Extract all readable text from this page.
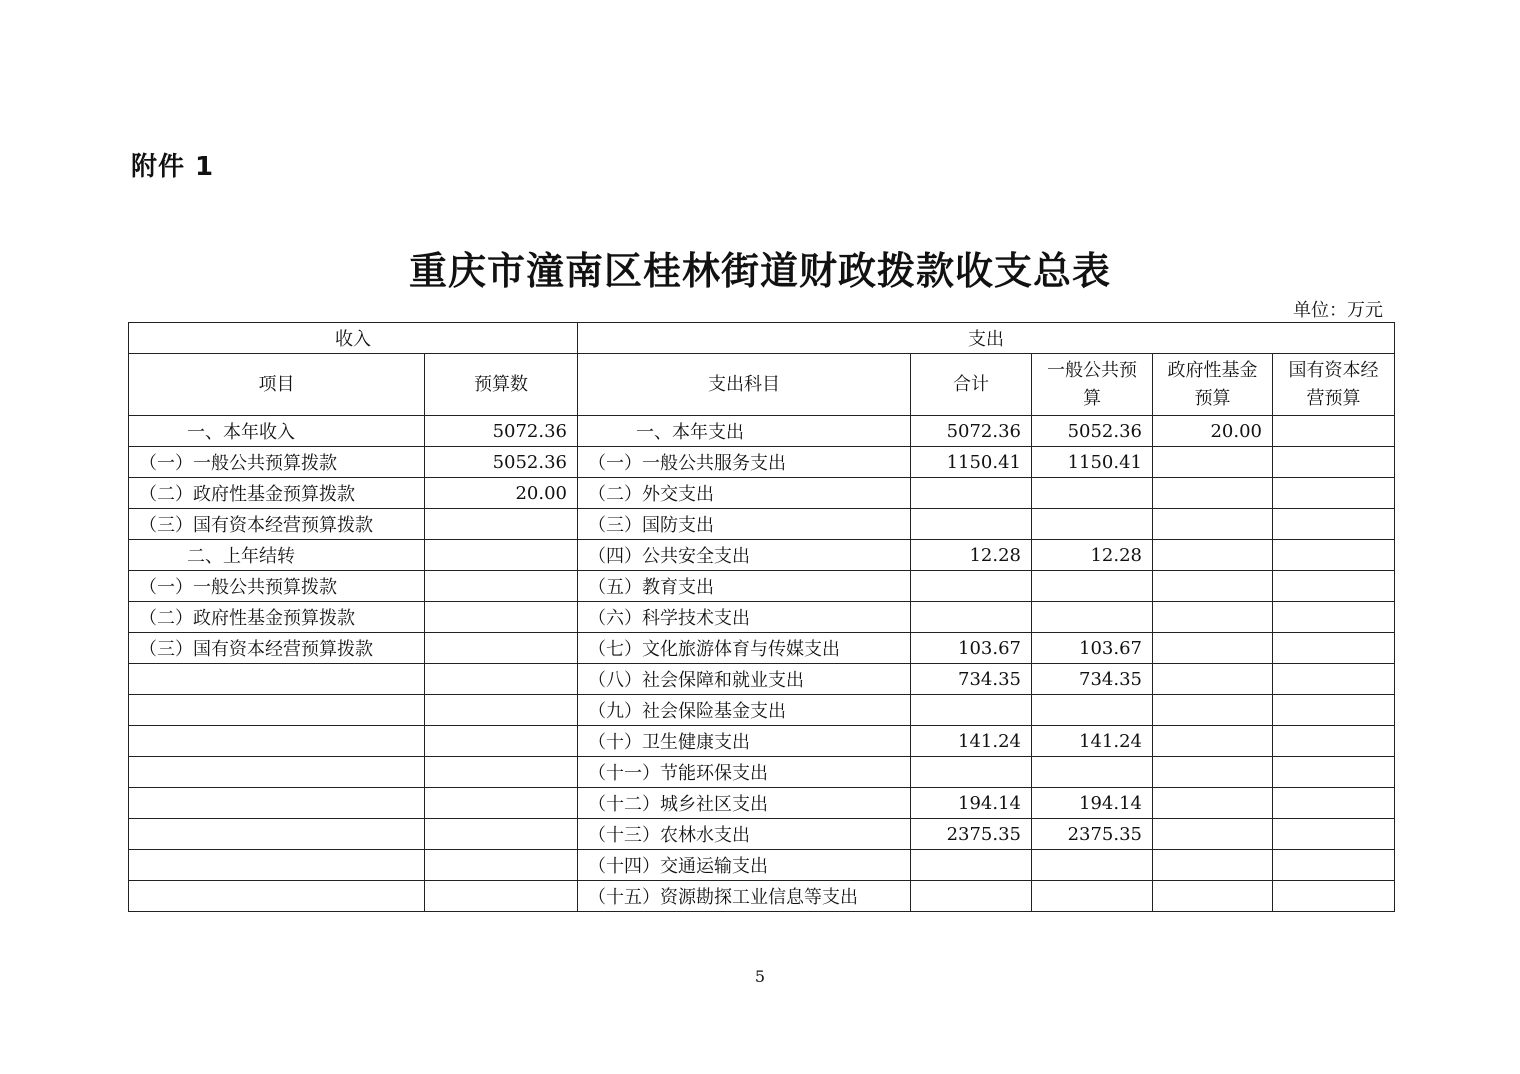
附件 1
重庆市潼南区桂林街道财政拨款收支总表
单位：万元
收入		支出				
项目	预算数	支出科目	合计	一般公共预算	政府性基金预算	国有资本经营预算
一、本年收入	5072.36	一、本年支出	5072.36	5052.36	20.00	
（一）一般公共预算拨款	5052.36	（一）一般公共服务支出	1150.41	1150.41		
（二）政府性基金预算拨款	20.00	（二）外交支出				
（三）国有资本经营预算拨款		（三）国防支出				
二、上年结转		（四）公共安全支出	12.28	12.28		
（一）一般公共预算拨款		（五）教育支出				
（二）政府性基金预算拨款		（六）科学技术支出				
（三）国有资本经营预算拨款		（七）文化旅游体育与传媒支出	103.67	103.67		
		（八）社会保障和就业支出	734.35	734.35		
		（九）社会保险基金支出				
		（十）卫生健康支出	141.24	141.24		
		（十一）节能环保支出				
		（十二）城乡社区支出	194.14	194.14		
		（十三）农林水支出	2375.35	2375.35		
		（十四）交通运输支出				
		（十五）资源勘探工业信息等支出				
5
